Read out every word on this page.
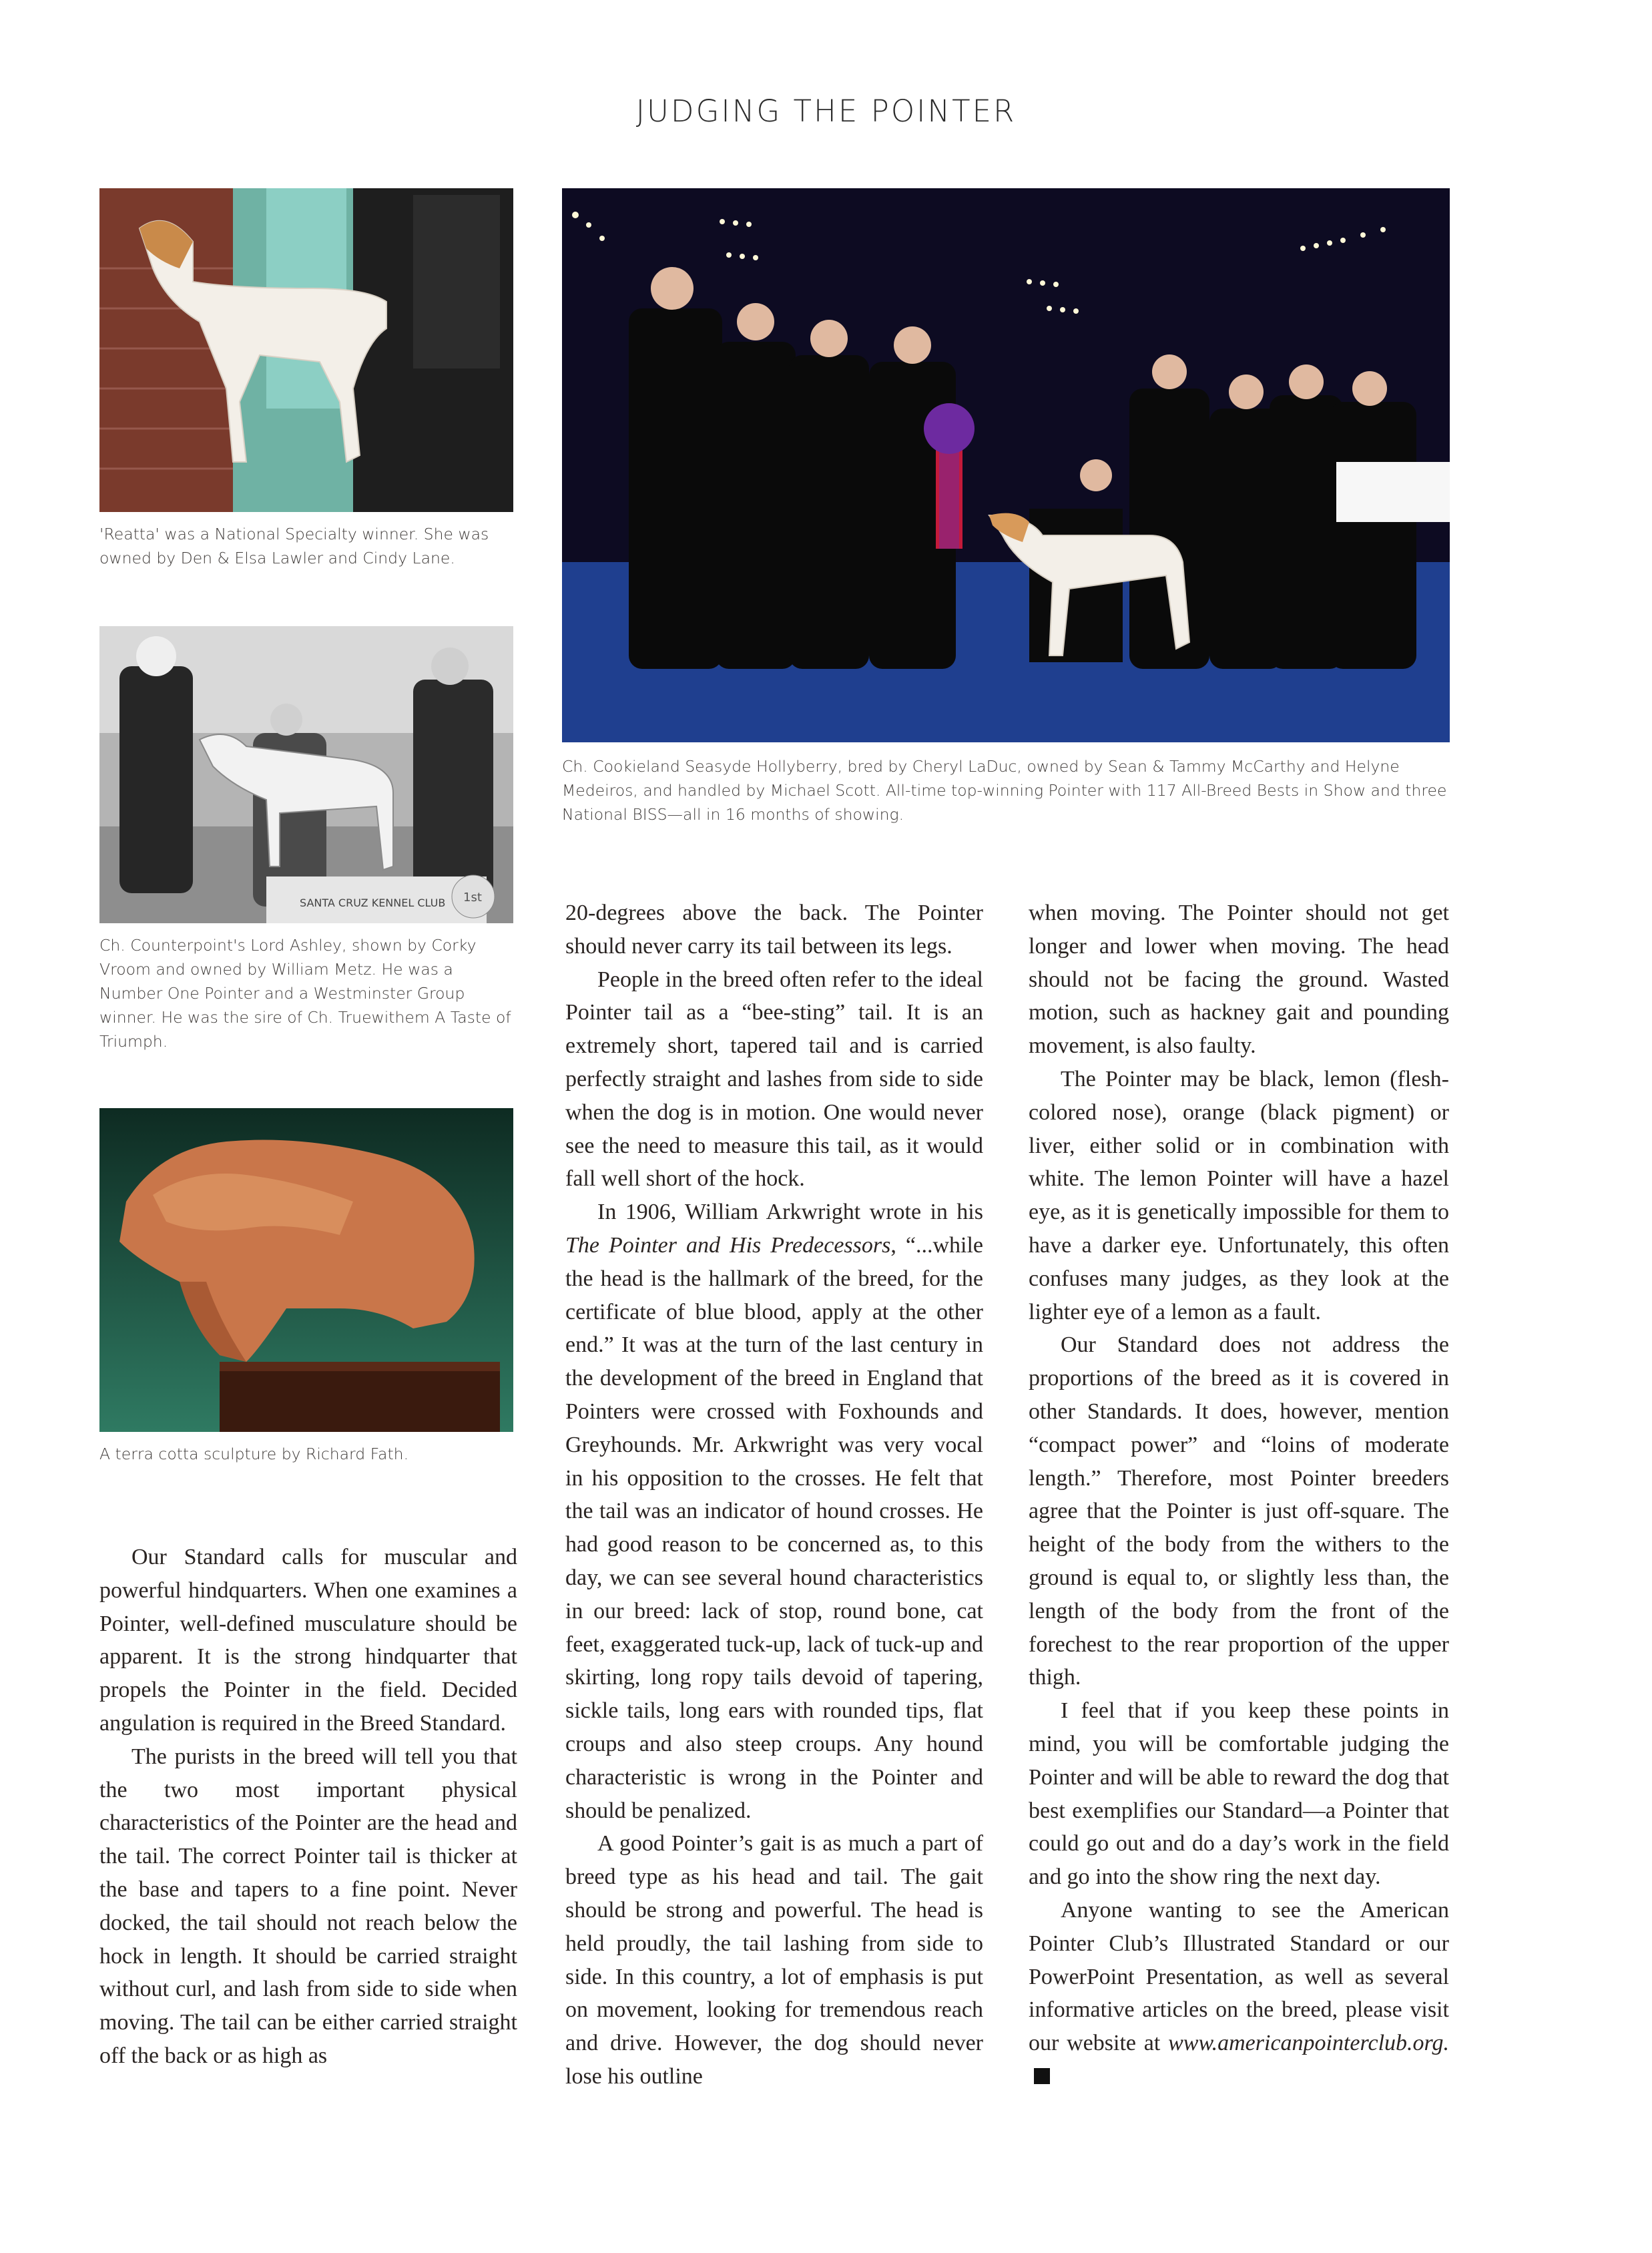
JUDGING THE POINTER
'Reatta' was a National Specialty winner. She was owned by Den & Elsa Lawler and Cindy Lane.
Ch. Cookieland Seasyde Hollyberry, bred by Cheryl LaDuc, owned by Sean & Tammy McCarthy and Helyne Medeiros, and handled by Michael Scott. All-time top-winning Pointer with 117 All-Breed Bests in Show and three National BISS—all in 16 months of showing.
SANTA CRUZ KENNEL CLUB 1st
Ch. Counterpoint's Lord Ashley, shown by Corky Vroom and owned by William Metz. He was a Number One Pointer and a Westminster Group winner. He was the sire of Ch. Truewithem A Taste of Triumph.
A terra cotta sculpture by Richard Fath.

Our Standard calls for muscular and powerful hindquarters. When one examines a Pointer, well-defined musculature should be apparent. It is the strong hindquarter that propels the Pointer in the field. Decided angulation is required in the Breed Standard.

The purists in the breed will tell you that the two most important physical characteristics of the Pointer are the head and the tail. The correct Pointer tail is thicker at the base and tapers to a fine point. Never docked, the tail should not reach below the hock in length. It should be carried straight without curl, and lash from side to side when moving. The tail can be either carried straight off the back or as high as

20-degrees above the back. The Pointer should never carry its tail between its legs.

People in the breed often refer to the ideal Pointer tail as a “bee-sting” tail. It is an extremely short, tapered tail and is carried perfectly straight and lashes from side to side when the dog is in motion. One would never see the need to measure this tail, as it would fall well short of the hock.

In 1906, William Arkwright wrote in his The Pointer and His Predecessors, “...while the head is the hallmark of the breed, for the certificate of blue blood, apply at the other end.” It was at the turn of the last century in the development of the breed in England that Pointers were crossed with Foxhounds and Greyhounds. Mr. Arkwright was very vocal in his opposition to the crosses. He felt that the tail was an indicator of hound crosses. He had good reason to be concerned as, to this day, we can see several hound characteristics in our breed: lack of stop, round bone, cat feet, exaggerated tuck-up, lack of tuck-up and skirting, long ropy tails devoid of tapering, sickle tails, long ears with rounded tips, flat croups and also steep croups. Any hound characteristic is wrong in the Pointer and should be penalized.

A good Pointer’s gait is as much a part of breed type as his head and tail. The gait should be strong and powerful. The head is held proudly, the tail lashing from side to side. In this country, a lot of emphasis is put on movement, looking for tremendous reach and drive. However, the dog should never lose his outline

when moving. The Pointer should not get longer and lower when moving. The head should not be facing the ground. Wasted motion, such as hackney gait and pounding movement, is also faulty.

The Pointer may be black, lemon (flesh-colored nose), orange (black pigment) or liver, either solid or in combination with white. The lemon Pointer will have a hazel eye, as it is genetically impossible for them to have a darker eye. Unfortunately, this often confuses many judges, as they look at the lighter eye of a lemon as a fault.

Our Standard does not address the proportions of the breed as it is covered in other Standards. It does, however, mention “compact power” and “loins of moderate length.” Therefore, most Pointer breeders agree that the Pointer is just off-square. The height of the body from the withers to the ground is equal to, or slightly less than, the length of the body from the front of the forechest to the rear proportion of the upper thigh.

I feel that if you keep these points in mind, you will be comfortable judging the Pointer and will be able to reward the dog that best exemplifies our Standard—a Pointer that could go out and do a day’s work in the field and go into the show ring the next day.

Anyone wanting to see the American Pointer Club’s Illustrated Standard or our PowerPoint Presentation, as well as several informative articles on the breed, please visit our website at www.americanpointerclub.org.
